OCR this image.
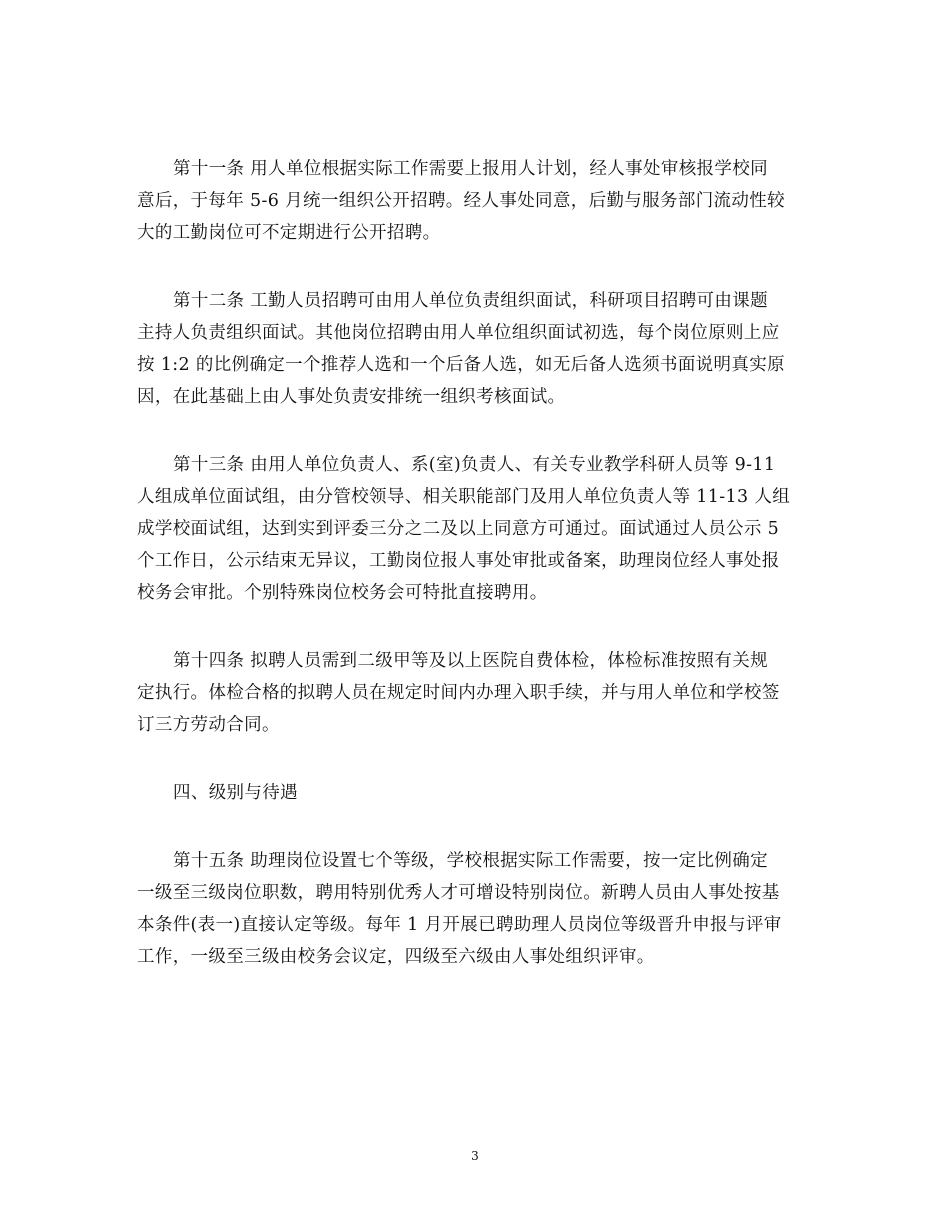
第十一条 用人单位根据实际工作需要上报用人计划，经人事处审核报学校同
意后，于每年 5-6 月统一组织公开招聘。经人事处同意，后勤与服务部门流动性较
大的工勤岗位可不定期进行公开招聘。
第十二条 工勤人员招聘可由用人单位负责组织面试，科研项目招聘可由课题
主持人负责组织面试。其他岗位招聘由用人单位组织面试初选，每个岗位原则上应
按 1:2 的比例确定一个推荐人选和一个后备人选，如无后备人选须书面说明真实原
因，在此基础上由人事处负责安排统一组织考核面试。
第十三条 由用人单位负责人、系(室)负责人、有关专业教学科研人员等 9-11
人组成单位面试组，由分管校领导、相关职能部门及用人单位负责人等 11-13 人组
成学校面试组，达到实到评委三分之二及以上同意方可通过。面试通过人员公示 5
个工作日，公示结束无异议，工勤岗位报人事处审批或备案，助理岗位经人事处报
校务会审批。个别特殊岗位校务会可特批直接聘用。
第十四条 拟聘人员需到二级甲等及以上医院自费体检，体检标准按照有关规
定执行。体检合格的拟聘人员在规定时间内办理入职手续，并与用人单位和学校签
订三方劳动合同。
四、级别与待遇
第十五条 助理岗位设置七个等级，学校根据实际工作需要，按一定比例确定
一级至三级岗位职数，聘用特别优秀人才可增设特别岗位。新聘人员由人事处按基
本条件(表一)直接认定等级。每年 1 月开展已聘助理人员岗位等级晋升申报与评审
工作，一级至三级由校务会议定，四级至六级由人事处组织评审。
3
